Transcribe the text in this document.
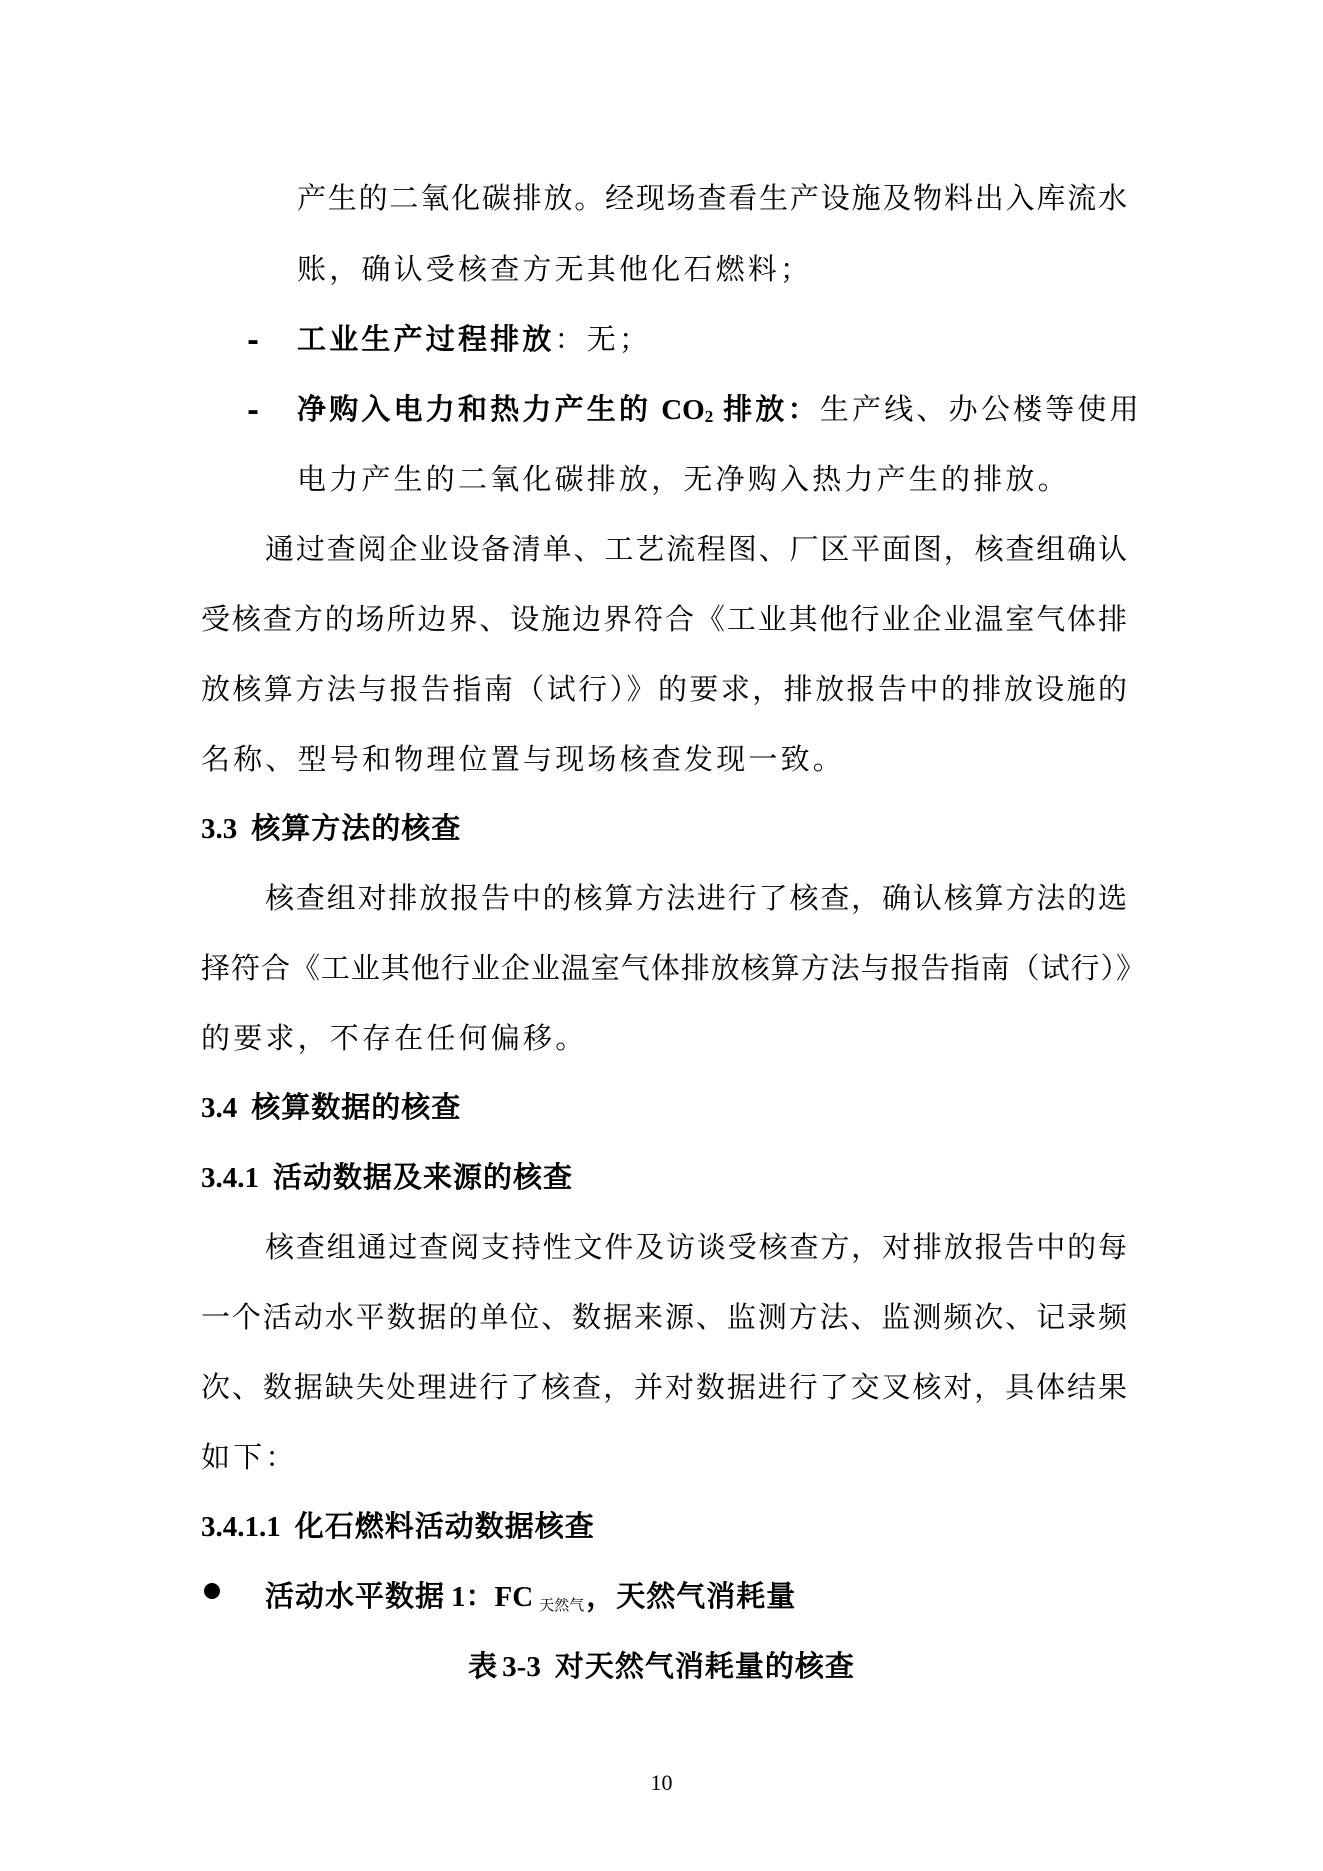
产生的二氧化碳排放。经现场查看生产设施及物料出入库流水
账，确认受核查方无其他化石燃料；
- 工业生产过程排放：无；
- 净购入电力和热力产生的 $CO_2$ 排放：生产线、办公楼等使用
电力产生的二氧化碳排放，无净购入热力产生的排放。
通过查阅企业设备清单、工艺流程图、厂区平面图，核查组确认
受核查方的场所边界、设施边界符合《工业其他行业企业温室气体排
放核算方法与报告指南（试行）》的要求，排放报告中的排放设施的
名称、型号和物理位置与现场核查发现一致。
3.3 核算方法的核查
核查组对排放报告中的核算方法进行了核查，确认核算方法的选
择符合《工业其他行业企业温室气体排放核算方法与报告指南（试行）》
的要求，不存在任何偏移。
3.4 核算数据的核查
3.4.1 活动数据及来源的核查
核查组通过查阅支持性文件及访谈受核查方，对排放报告中的每
一个活动水平数据的单位、数据来源、监测方法、监测频次、记录频
次、数据缺失处理进行了核查，并对数据进行了交叉核对，具体结果
如下：
3.4.1.1 化石燃料活动数据核查
活动水平数据 1：FC 天然气，天然气消耗量
表 3-3 对天然气消耗量的核查
10
